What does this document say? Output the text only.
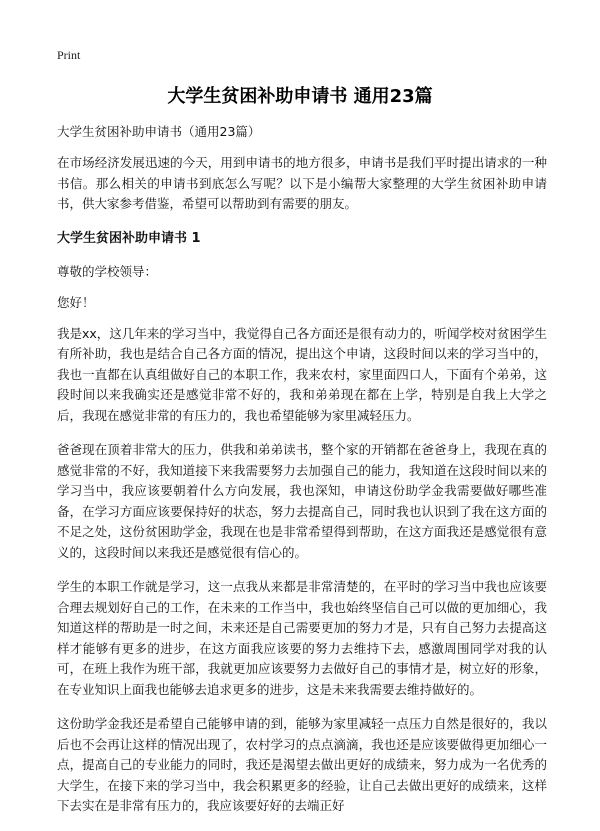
Print
大学生贫困补助申请书 通用23篇
大学生贫困补助申请书（通用23篇）
在市场经济发展迅速的今天，用到申请书的地方很多，申请书是我们平时提出请求的一种书信。那么相关的申请书到底怎么写呢？以下是小编帮大家整理的大学生贫困补助申请书，供大家参考借鉴，希望可以帮助到有需要的朋友。
大学生贫困补助申请书 1
尊敬的学校领导：
您好！
我是xx，这几年来的学习当中，我觉得自己各方面还是很有动力的，听闻学校对贫困学生有所补助，我也是结合自己各方面的情况，提出这个申请，这段时间以来的学习当中的，我也一直都在认真组做好自己的本职工作，我来农村，家里面四口人，下面有个弟弟，这段时间以来我确实还是感觉非常不好的，我和弟弟现在都在上学，特别是自我上大学之后，我现在感觉非常的有压力的，我也希望能够为家里减轻压力。
爸爸现在顶着非常大的压力，供我和弟弟读书，整个家的开销都在爸爸身上，我现在真的感觉非常的不好，我知道接下来我需要努力去加强自己的能力，我知道在这段时间以来的学习当中，我应该要朝着什么方向发展，我也深知，申请这份助学金我需要做好哪些准备，在学习方面应该要保持好的状态，努力去提高自己，同时我也认识到了我在这方面的不足之处，这份贫困助学金，我现在也是非常希望得到帮助，在这方面我还是感觉很有意义的，这段时间以来我还是感觉很有信心的。
学生的本职工作就是学习，这一点我从来都是非常清楚的，在平时的学习当中我也应该要合理去规划好自己的工作，在未来的工作当中，我也始终坚信自己可以做的更加细心，我知道这样的帮助是一时之间，未来还是自己需要更加的努力才是，只有自己努力去提高这样才能够有更多的进步，在这方面我应该要的努力去维持下去，感激周围同学对我的认可，在班上我作为班干部，我就更加应该要努力去做好自己的事情才是，树立好的形象，在专业知识上面我也能够去追求更多的进步，这是未来我需要去维持做好的。
这份助学金我还是希望自己能够申请的到，能够为家里减轻一点压力自然是很好的，我以后也不会再让这样的情况出现了，农村学习的点点滴滴，我也还是应该要做得更加细心一点，提高自己的专业能力的同时，我还是渴望去做出更好的成绩来，努力成为一名优秀的大学生，在接下来的学习当中，我会积累更多的经验，让自己去做出更好的成绩来，这样下去实在是非常有压力的，我应该要好好的去端正好
